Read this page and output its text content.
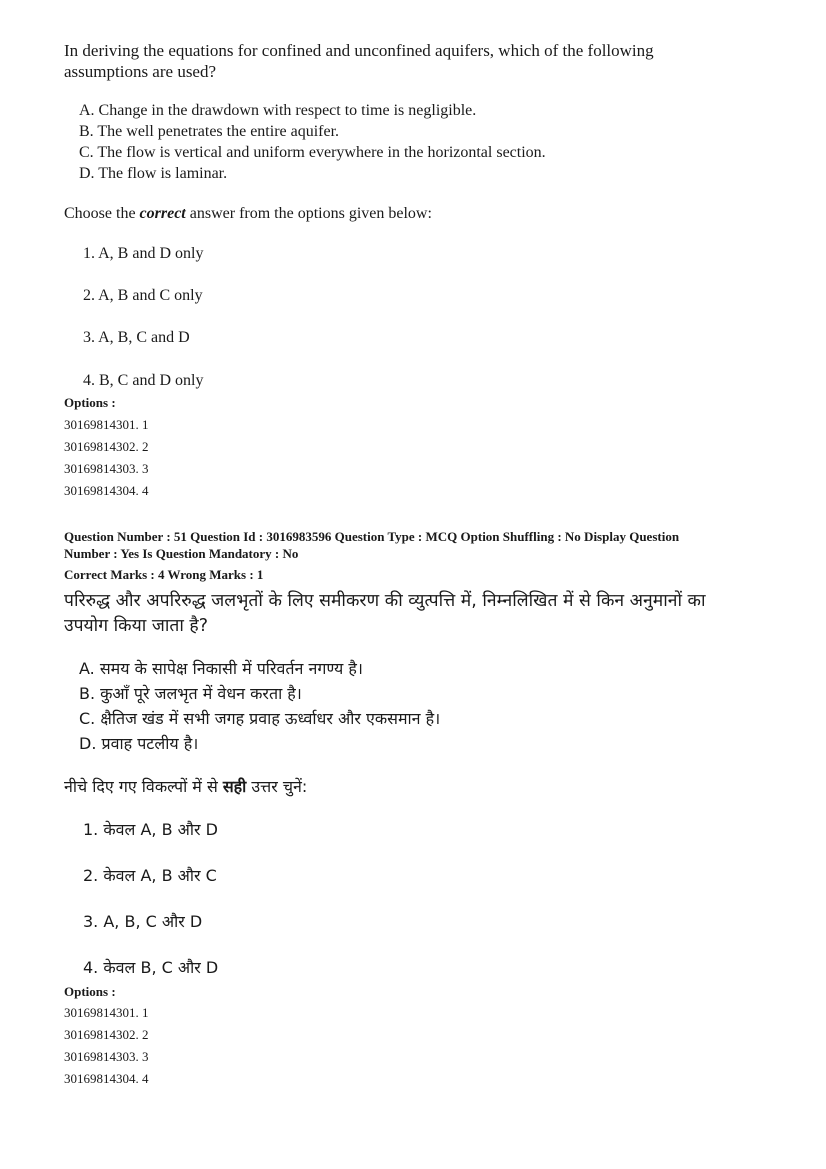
In deriving the equations for confined and unconfined aquifers, which of the following
assumptions are used?
A. Change in the drawdown with respect to time is negligible.
B. The well penetrates the entire aquifer.
C. The flow is vertical and uniform everywhere in the horizontal section.
D. The flow is laminar.
Choose the correct answer from the options given below:
1. A, B and D only
2. A, B and C only
3. A, B, C and D
4. B, C and D only
Options :
30169814301. 1
30169814302. 2
30169814303. 3
30169814304. 4
Question Number : 51 Question Id : 3016983596 Question Type : MCQ Option Shuffling : No Display Question
Number : Yes Is Question Mandatory : No
Correct Marks : 4 Wrong Marks : 1
परिरुद्ध और अपरिरुद्ध जलभृतों के लिए समीकरण की व्युत्पत्ति में, निम्नलिखित में से किन अनुमानों का
उपयोग किया जाता है?
A. समय के सापेक्ष निकासी में परिवर्तन नगण्य है।
B. कुआँ पूरे जलभृत में वेधन करता है।
C. क्षैतिज खंड में सभी जगह प्रवाह ऊर्ध्वाधर और एकसमान है।
D. प्रवाह पटलीय है।
नीचे दिए गए विकल्पों में से सही उत्तर चुनें:
1. केवल A, B और D
2. केवल A, B और C
3. A, B, C और D
4. केवल B, C और D
Options :
30169814301. 1
30169814302. 2
30169814303. 3
30169814304. 4
